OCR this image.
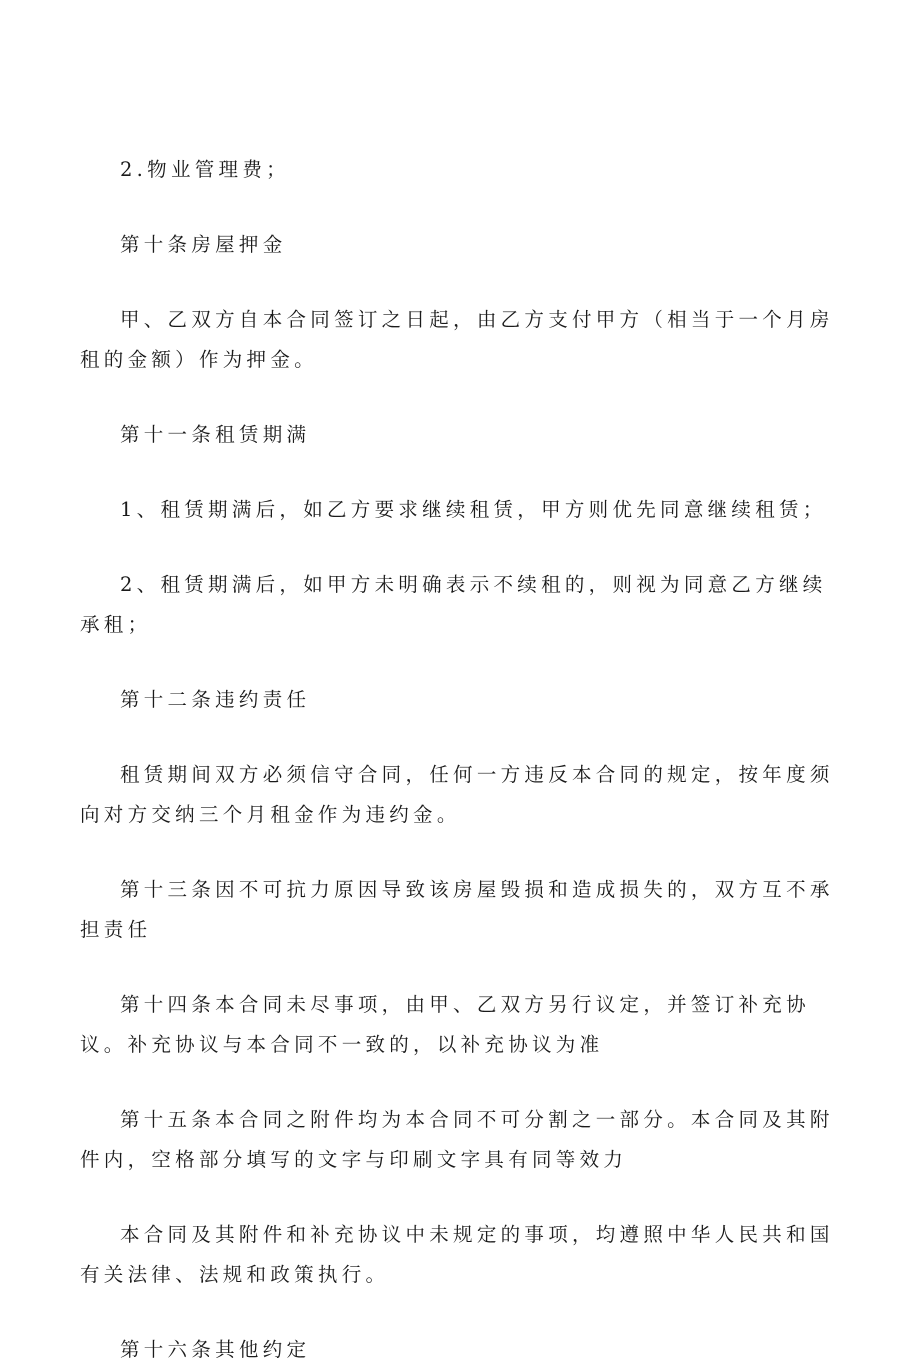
2.物业管理费；

第十条房屋押金

甲、乙双方自本合同签订之日起，由乙方支付甲方（相当于一个月房租的金额）作为押金。

第十一条租赁期满

1、租赁期满后，如乙方要求继续租赁，甲方则优先同意继续租赁；

2、租赁期满后，如甲方未明确表示不续租的，则视为同意乙方继续承租；

第十二条违约责任

租赁期间双方必须信守合同，任何一方违反本合同的规定，按年度须向对方交纳三个月租金作为违约金。

第十三条因不可抗力原因导致该房屋毁损和造成损失的，双方互不承担责任

第十四条本合同未尽事项，由甲、乙双方另行议定，并签订补充协议。补充协议与本合同不一致的，以补充协议为准

第十五条本合同之附件均为本合同不可分割之一部分。本合同及其附件内，空格部分填写的文字与印刷文字具有同等效力

本合同及其附件和补充协议中未规定的事项，均遵照中华人民共和国有关法律、法规和政策执行。

第十六条其他约定
